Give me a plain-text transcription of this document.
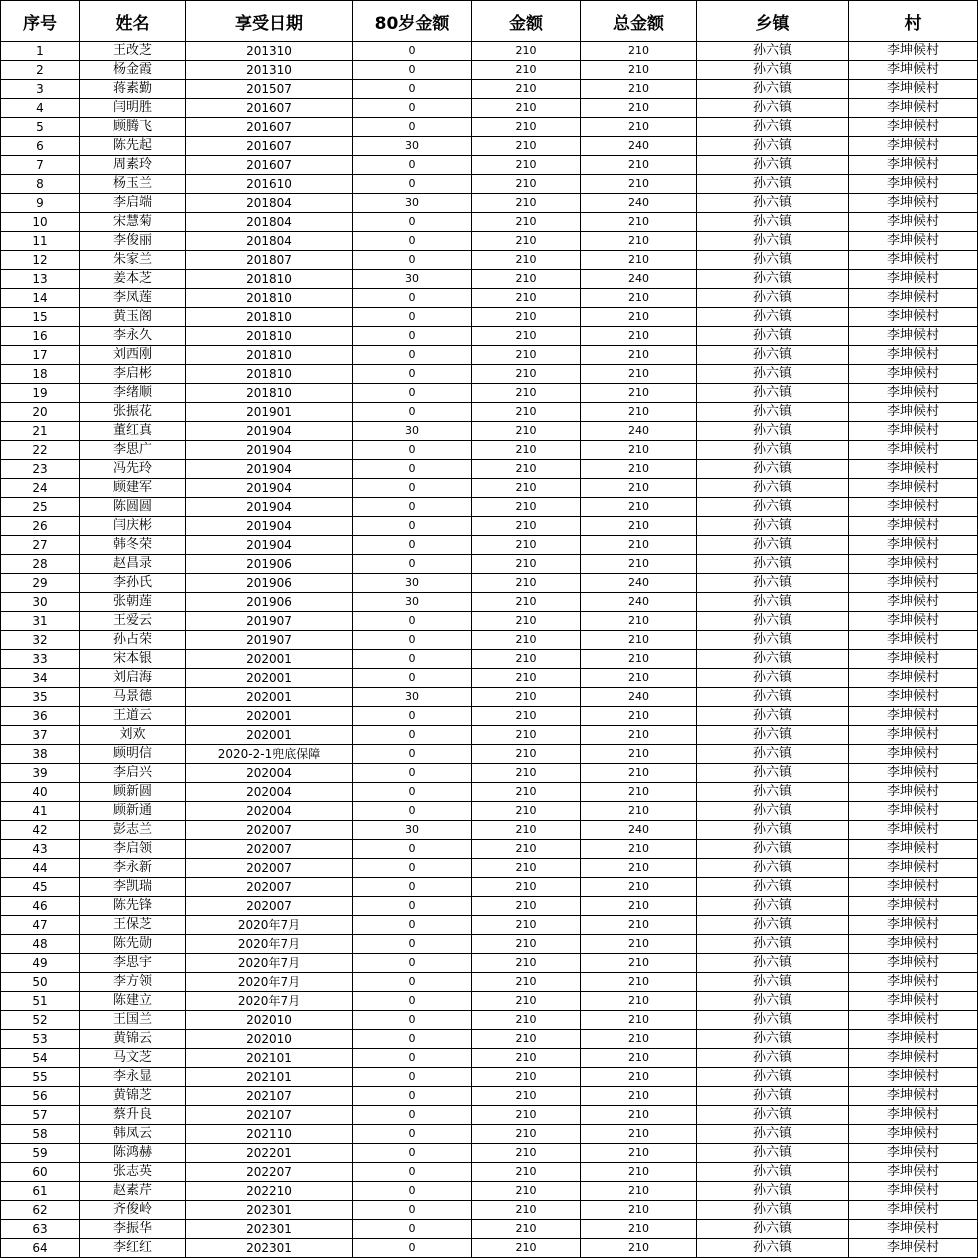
序号	姓名	享受日期	80岁金额	金额	总金额	乡镇	村
1	王改芝	201310	0	210	210	孙六镇	李坤候村
2	杨金霞	201310	0	210	210	孙六镇	李坤候村
3	蒋素勤	201507	0	210	210	孙六镇	李坤候村
4	闫明胜	201607	0	210	210	孙六镇	李坤候村
5	顾腾飞	201607	0	210	210	孙六镇	李坤候村
6	陈先起	201607	30	210	240	孙六镇	李坤候村
7	周素玲	201607	0	210	210	孙六镇	李坤候村
8	杨玉兰	201610	0	210	210	孙六镇	李坤候村
9	李启端	201804	30	210	240	孙六镇	李坤候村
10	宋慧菊	201804	0	210	210	孙六镇	李坤候村
11	李俊丽	201804	0	210	210	孙六镇	李坤候村
12	朱家兰	201807	0	210	210	孙六镇	李坤候村
13	姜本芝	201810	30	210	240	孙六镇	李坤候村
14	李凤莲	201810	0	210	210	孙六镇	李坤候村
15	黄玉阁	201810	0	210	210	孙六镇	李坤候村
16	李永久	201810	0	210	210	孙六镇	李坤候村
17	刘西刚	201810	0	210	210	孙六镇	李坤候村
18	李启彬	201810	0	210	210	孙六镇	李坤候村
19	李绪顺	201810	0	210	210	孙六镇	李坤候村
20	张振花	201901	0	210	210	孙六镇	李坤候村
21	董红真	201904	30	210	240	孙六镇	李坤候村
22	李思广	201904	0	210	210	孙六镇	李坤候村
23	冯先玲	201904	0	210	210	孙六镇	李坤候村
24	顾建军	201904	0	210	210	孙六镇	李坤候村
25	陈圆圆	201904	0	210	210	孙六镇	李坤候村
26	闫庆彬	201904	0	210	210	孙六镇	李坤候村
27	韩冬荣	201904	0	210	210	孙六镇	李坤候村
28	赵昌录	201906	0	210	210	孙六镇	李坤候村
29	李孙氏	201906	30	210	240	孙六镇	李坤候村
30	张朝莲	201906	30	210	240	孙六镇	李坤候村
31	王爱云	201907	0	210	210	孙六镇	李坤候村
32	孙占荣	201907	0	210	210	孙六镇	李坤候村
33	宋本银	202001	0	210	210	孙六镇	李坤候村
34	刘启海	202001	0	210	210	孙六镇	李坤候村
35	马景德	202001	30	210	240	孙六镇	李坤候村
36	王道云	202001	0	210	210	孙六镇	李坤候村
37	刘欢	202001	0	210	210	孙六镇	李坤候村
38	顾明信	2020-2-1兜底保障	0	210	210	孙六镇	李坤候村
39	李启兴	202004	0	210	210	孙六镇	李坤候村
40	顾新圆	202004	0	210	210	孙六镇	李坤候村
41	顾新通	202004	0	210	210	孙六镇	李坤候村
42	彭志兰	202007	30	210	240	孙六镇	李坤候村
43	李启领	202007	0	210	210	孙六镇	李坤候村
44	李永新	202007	0	210	210	孙六镇	李坤候村
45	李凯瑞	202007	0	210	210	孙六镇	李坤候村
46	陈先锋	202007	0	210	210	孙六镇	李坤候村
47	王保芝	2020年7月	0	210	210	孙六镇	李坤候村
48	陈先勋	2020年7月	0	210	210	孙六镇	李坤候村
49	李思宇	2020年7月	0	210	210	孙六镇	李坤候村
50	李方领	2020年7月	0	210	210	孙六镇	李坤候村
51	陈建立	2020年7月	0	210	210	孙六镇	李坤候村
52	王国兰	202010	0	210	210	孙六镇	李坤候村
53	黄锦云	202010	0	210	210	孙六镇	李坤候村
54	马文芝	202101	0	210	210	孙六镇	李坤候村
55	李永显	202101	0	210	210	孙六镇	李坤候村
56	黄锦芝	202107	0	210	210	孙六镇	李坤候村
57	蔡升良	202107	0	210	210	孙六镇	李坤候村
58	韩凤云	202110	0	210	210	孙六镇	李坤候村
59	陈鸿赫	202201	0	210	210	孙六镇	李坤侯村
60	张志英	202207	0	210	210	孙六镇	李坤侯村
61	赵素芹	202210	0	210	210	孙六镇	李坤侯村
62	齐俊岭	202301	0	210	210	孙六镇	李坤侯村
63	李振华	202301	0	210	210	孙六镇	李坤侯村
64	李红红	202301	0	210	210	孙六镇	李坤侯村
